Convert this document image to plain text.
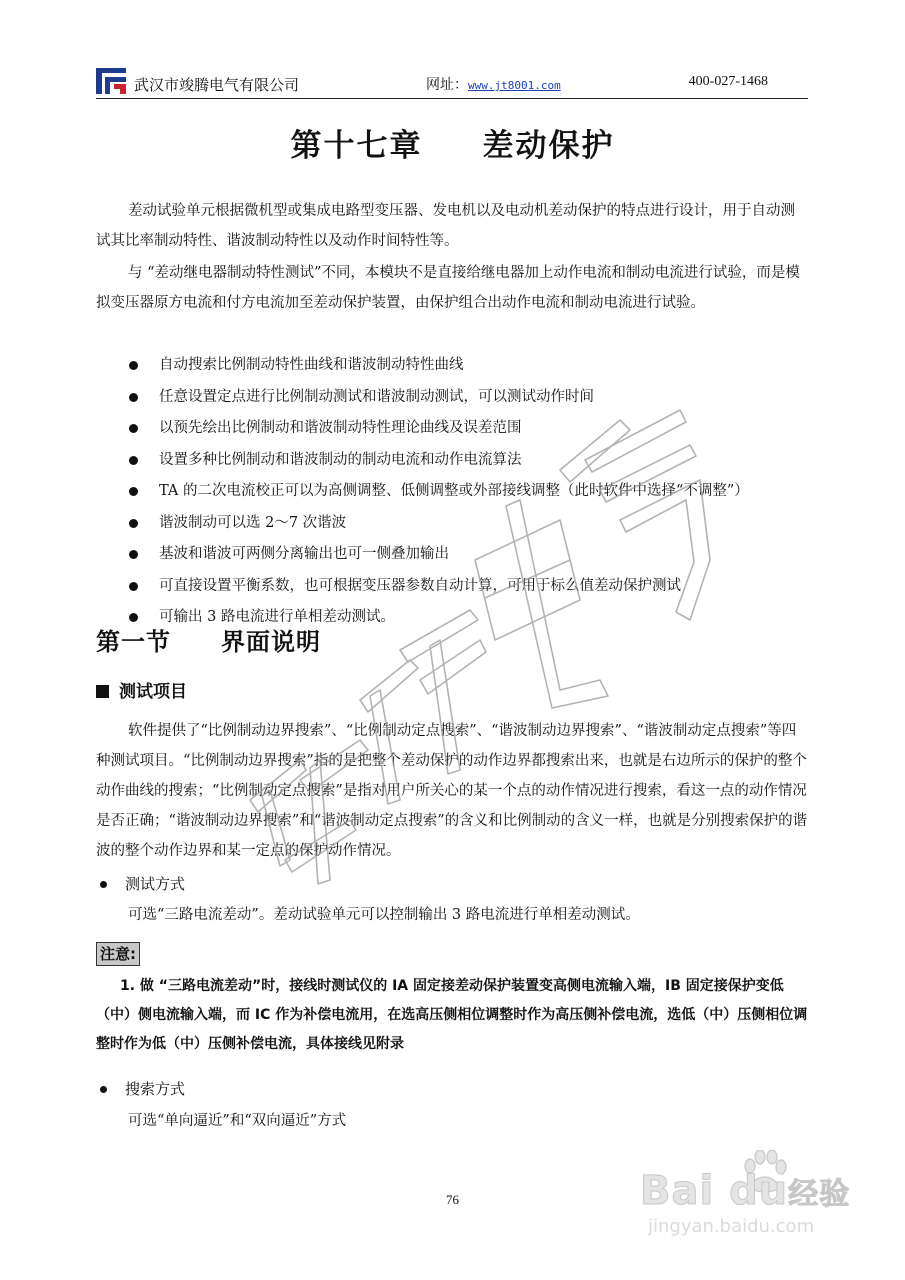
武汉市竣腾电气有限公司	网址：www.jt8001.com	400-027-1468
第十七章 差动保护
差动试验单元根据微机型或集成电路型变压器、发电机以及电动机差动保护的特点进行设计，用于自动测试其比率制动特性、谐波制动特性以及动作时间特性等。
与 “差动继电器制动特性测试”不同，本模块不是直接给继电器加上动作电流和制动电流进行试验，而是模拟变压器原方电流和付方电流加至差动保护装置，由保护组合出动作电流和制动电流进行试验。
自动搜索比例制动特性曲线和谐波制动特性曲线
任意设置定点进行比例制动测试和谐波制动测试，可以测试动作时间
以预先绘出比例制动和谐波制动特性理论曲线及误差范围
设置多种比例制动和谐波制动的制动电流和动作电流算法
TA 的二次电流校正可以为高侧调整、低侧调整或外部接线调整（此时软件中选择“不调整”）
谐波制动可以选 2～7 次谐波
基波和谐波可两侧分离输出也可一侧叠加输出
可直接设置平衡系数，也可根据变压器参数自动计算，可用于标么值差动保护测试
可输出 3 路电流进行单相差动测试。
第一节 界面说明
测试项目
软件提供了“比例制动边界搜索”、“比例制动定点搜索”、“谐波制动边界搜索”、“谐波制动定点搜索”等四种测试项目。“比例制动边界搜索”指的是把整个差动保护的动作边界都搜索出来，也就是右边所示的保护的整个动作曲线的搜索；“比例制动定点搜索”是指对用户所关心的某一个点的动作情况进行搜索，看这一点的动作情况是否正确；“谐波制动边界搜索”和“谐波制动定点搜索”的含义和比例制动的含义一样，也就是分别搜索保护的谐波的整个动作边界和某一定点的保护动作情况。
测试方式
可选“三路电流差动”。差动试验单元可以控制输出 3 路电流进行单相差动测试。
注意:
1. 做 “三路电流差动”时，接线时测试仪的 IA 固定接差动保护装置变高侧电流输入端，IB 固定接保护变低（中）侧电流输入端，而 IC 作为补偿电流用，在选高压侧相位调整时作为高压侧补偿电流，选低（中）压侧相位调整时作为低（中）压侧补偿电流，具体接线见附录
搜索方式
可选“单向逼近”和“双向逼近”方式
76	Bai du经验
jingyan.baidu.com
